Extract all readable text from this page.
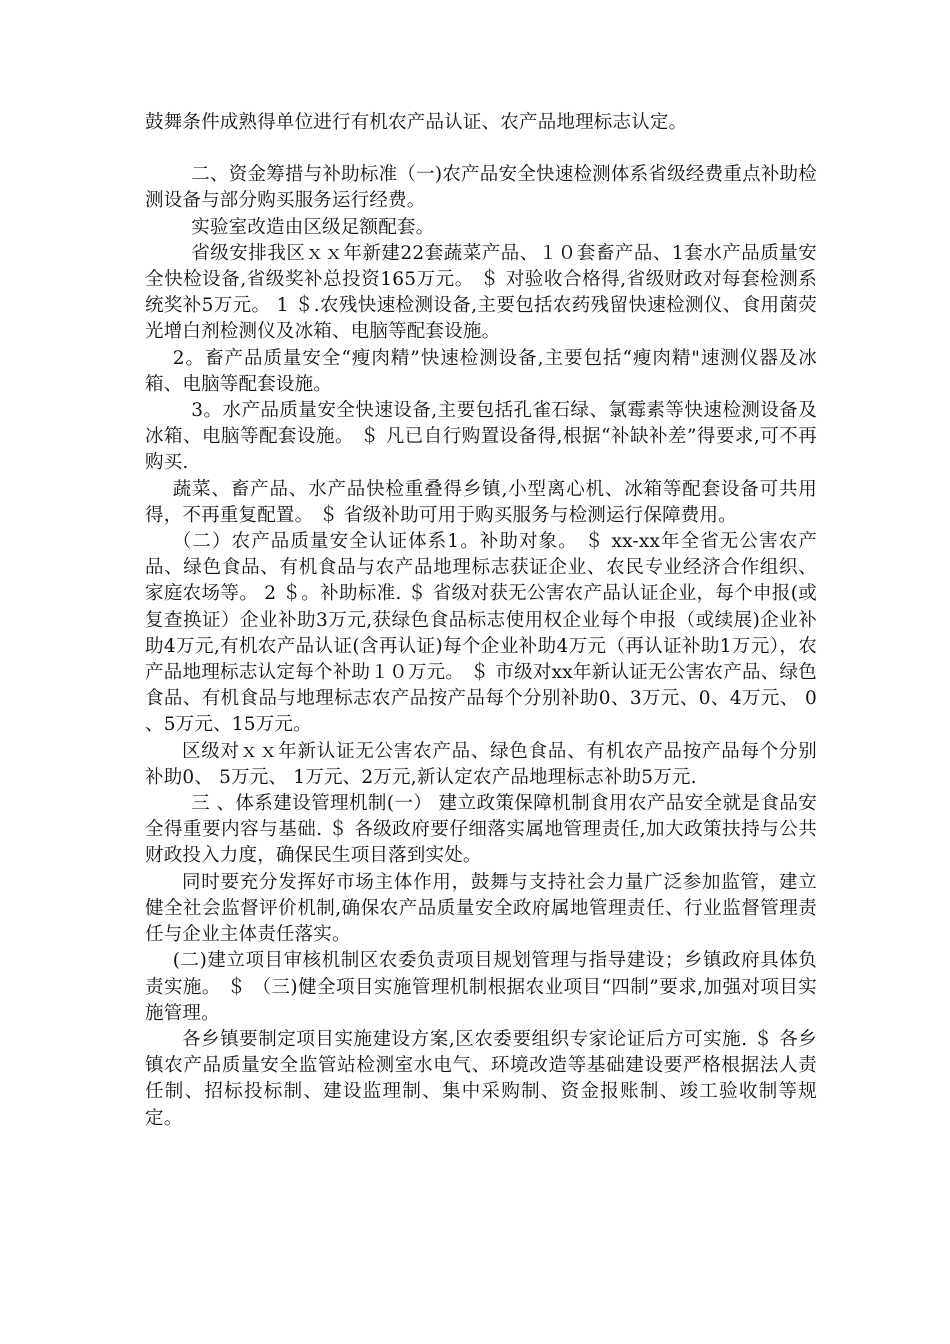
鼓舞条件成熟得单位进行有机农产品认证、农产品地理标志认定。

二、资金筹措与补助标准（一)农产品安全快速检测体系省级经费重点补助检测设备与部分购买服务运行经费。

实验室改造由区级足额配套。

省级安排我区ｘｘ年新建22套蔬菜产品、１０套畜产品、1套水产品质量安全快检设备,省级奖补总投资165万元。 ＄ 对验收合格得,省级财政对每套检测系统奖补5万元。 1 ＄.农残快速检测设备,主要包括农药残留快速检测仪、食用菌荧光增白剂检测仪及冰箱、电脑等配套设施。

2。畜产品质量安全“瘦肉精”快速检测设备,主要包括“瘦肉精"速测仪器及冰箱、电脑等配套设施。

3。水产品质量安全快速设备,主要包括孔雀石绿、氯霉素等快速检测设备及冰箱、电脑等配套设施。 ＄ 凡已自行购置设备得,根据“补缺补差”得要求,可不再购买.

蔬菜、畜产品、水产品快检重叠得乡镇,小型离心机、冰箱等配套设备可共用得，不再重复配置。 ＄ 省级补助可用于购买服务与检测运行保障费用。

（二）农产品质量安全认证体系1。补助对象。 ＄ xx-xx年全省无公害农产品、绿色食品、有机食品与农产品地理标志获证企业、农民专业经济合作组织、家庭农场等。 2 ＄。补助标准. ＄ 省级对获无公害农产品认证企业，每个申报(或复查换证）企业补助3万元,获绿色食品标志使用权企业每个申报（或续展)企业补助4万元,有机农产品认证(含再认证)每个企业补助4万元（再认证补助1万元），农产品地理标志认定每个补助１０万元。 ＄ 市级对xx年新认证无公害农产品、绿色食品、有机食品与地理标志农产品按产品每个分别补助0、3万元、0、4万元、 0 、5万元、15万元。

区级对ｘｘ年新认证无公害农产品、绿色食品、有机农产品按产品每个分别补助0、 5万元、 1万元、2万元,新认定农产品地理标志补助5万元.

三 、体系建设管理机制(一） 建立政策保障机制食用农产品安全就是食品安全得重要内容与基础. ＄ 各级政府要仔细落实属地管理责任,加大政策扶持与公共财政投入力度，确保民生项目落到实处。

同时要充分发挥好市场主体作用，鼓舞与支持社会力量广泛参加监管，建立健全社会监督评价机制,确保农产品质量安全政府属地管理责任、行业监督管理责任与企业主体责任落实。

(二)建立项目审核机制区农委负责项目规划管理与指导建设；乡镇政府具体负责实施。 ＄ （三)健全项目实施管理机制根据农业项目“四制”要求,加强对项目实施管理。

各乡镇要制定项目实施建设方案,区农委要组织专家论证后方可实施. ＄ 各乡镇农产品质量安全监管站检测室水电气、环境改造等基础建设要严格根据法人责任制、招标投标制、建设监理制、集中采购制、资金报账制、竣工验收制等规定。
